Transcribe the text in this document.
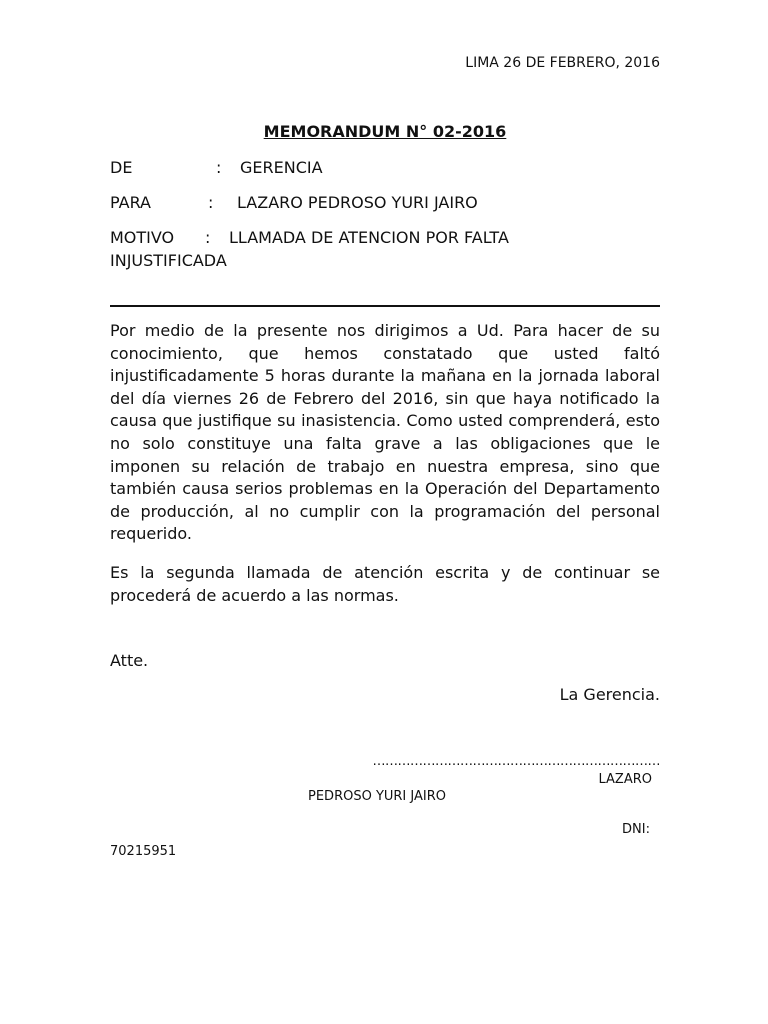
LIMA 26 DE FEBRERO, 2016
MEMORANDUM N° 02-2016
DE	: GERENCIA
PARA	: LAZARO PEDROSO YURI JAIRO
MOTIVO : LLAMADA DE ATENCION POR FALTA
INJUSTIFICADA

Por medio de la presente nos dirigimos a Ud. Para hacer de su conocimiento, que hemos constatado que usted faltó injustificadamente 5 horas durante la mañana en la jornada laboral del día viernes 26 de Febrero del 2016, sin que haya notificado la causa que justifique su inasistencia. Como usted comprenderá, esto no solo constituye una falta grave a las obligaciones que le imponen su relación de trabajo en nuestra empresa, sino que también causa serios problemas en la Operación del Departamento de producción, al no cumplir con la programación del personal requerido.

Es la segunda llamada de atención escrita y de continuar se procederá de acuerdo a las normas.

Atte.
La Gerencia.
……………………………………………………………
LAZARO
PEDROSO YURI JAIRO
DNI:
70215951
